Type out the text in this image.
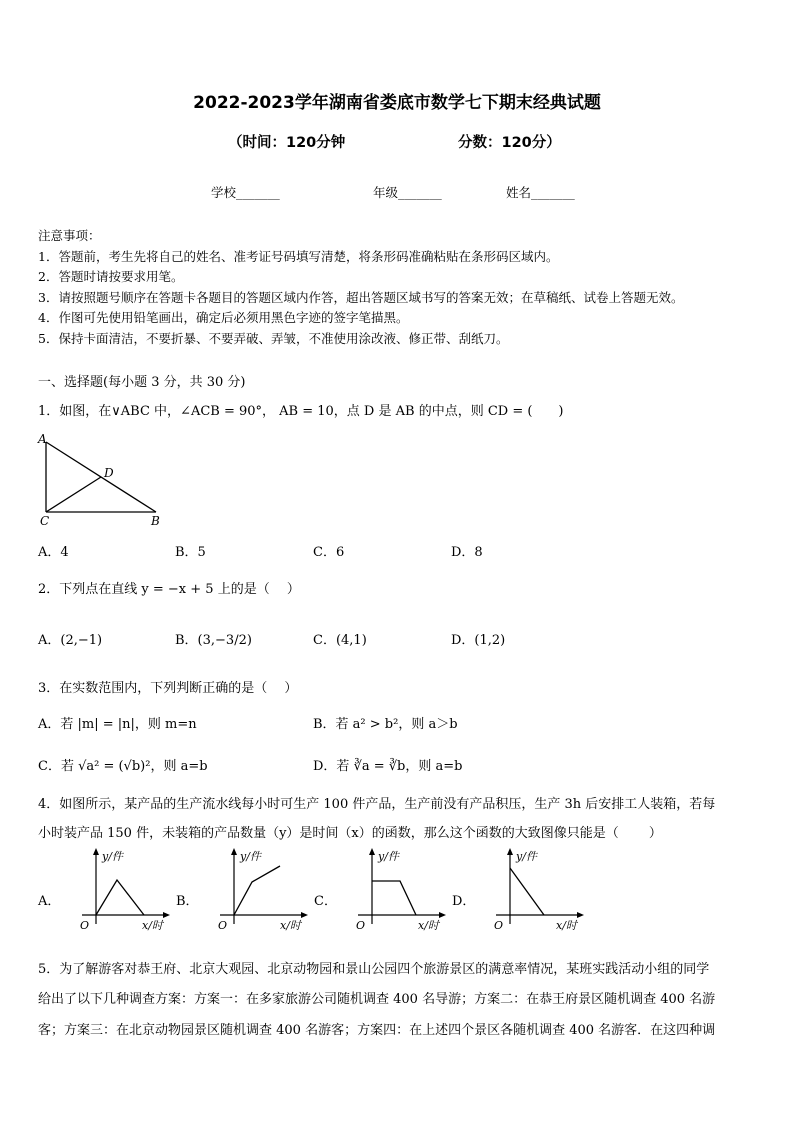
2022-2023学年湖南省娄底市数学七下期末经典试题
（时间：120分钟	分数：120分）
学校_______	年级_______	姓名_______
注意事项：
1．答题前，考生先将自己的姓名、准考证号码填写清楚，将条形码准确粘贴在条形码区域内。
2．答题时请按要求用笔。
3．请按照题号顺序在答题卡各题目的答题区域内作答，超出答题区域书写的答案无效；在草稿纸、试卷上答题无效。
4．作图可先使用铅笔画出，确定后必须用黑色字迹的签字笔描黑。
5．保持卡面清洁，不要折暴、不要弄破、弄皱，不准使用涂改液、修正带、刮纸刀。
一、选择题(每小题 3 分，共 30 分)
1．如图，在∨ABC 中，∠ACB = 90°， AB = 10，点 D 是 AB 的中点，则 CD = (　　)
A
D
C	B
A．4	B．5	C．6	D．8
2．下列点在直线 y = −x + 5 上的是（　 ）
A．(2,−1)	B．(3,−3/2)	C．(4,1)	D．(1,2)
3．在实数范围内，下列判断正确的是（　 ）
A．若 |m| = |n|，则 m=n	B．若 a² > b²，则 a＞b
C．若 √a² = (√b)²，则 a=b	D．若 ∛a = ∛b，则 a=b
4．如图所示，某产品的生产流水线每小时可生产 100 件产品，生产前没有产品积压，生产 3h 后安排工人装箱，若每
小时装产品 150 件，未装箱的产品数量（y）是时间（x）的函数，那么这个函数的大致图像只能是（　　 ）
A．	B．	C．	D．
y/件
O	x/时
y/件
O	x/时
y/件
O	x/时
y/件
O	x/时
5．为了解游客对恭王府、北京大观园、北京动物园和景山公园四个旅游景区的满意率情况，某班实践活动小组的同学
给出了以下几种调查方案：方案一：在多家旅游公司随机调查 400 名导游；方案二：在恭王府景区随机调查 400 名游
客；方案三：在北京动物园景区随机调查 400 名游客；方案四：在上述四个景区各随机调查 400 名游客．在这四种调
